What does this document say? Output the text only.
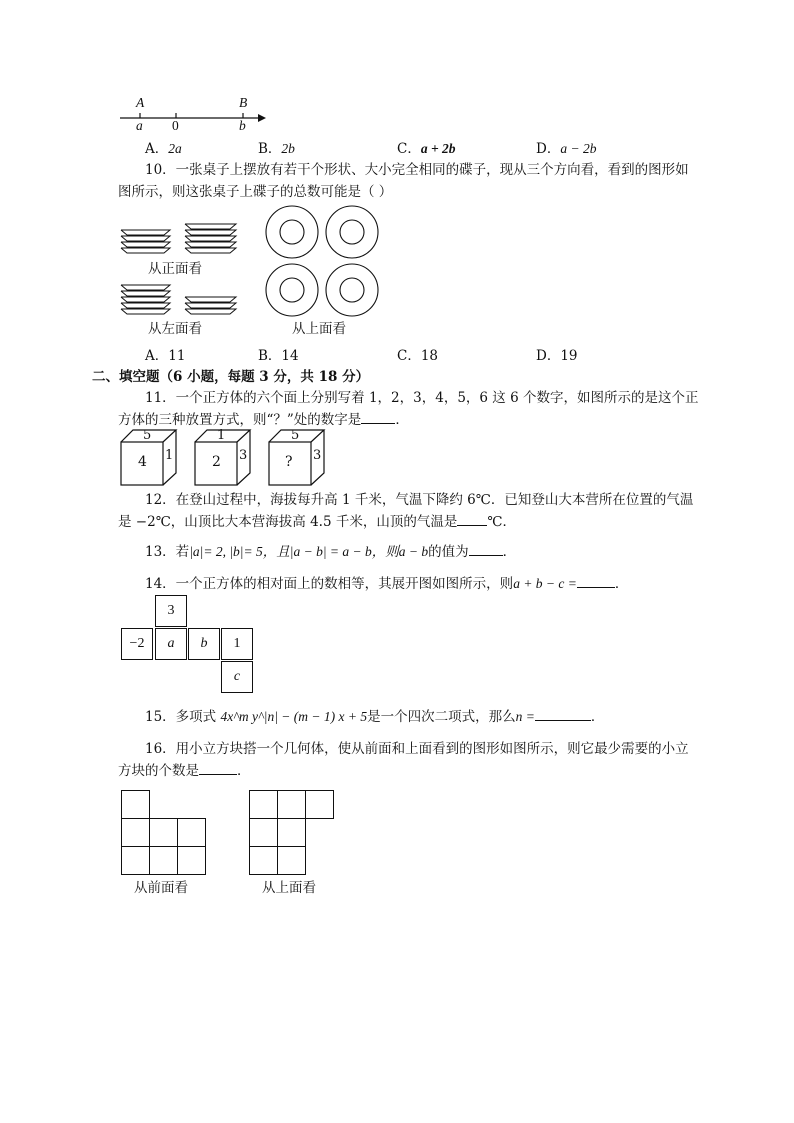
A	B
a 0	b
A．2a	B．2b	C．a + 2b	D．a − 2b
10．一张桌子上摆放有若干个形状、大小完全相同的碟子，现从三个方向看，看到的图形如
图所示，则这张桌子上碟子的总数可能是（ ）
从正面看
从左面看	从上面看
A．11	B．14	C．18	D．19
二、填空题（6 小题，每题 3 分，共 18 分）
11．一个正方体的六个面上分别写着 1，2，3，4，5，6 这 6 个数字，如图所示的是这个正
方体的三种放置方式，则“？”处的数字是	．
5
4 1
1
2 3
5
? 3
12．在登山过程中，海拔每升高 1 千米，气温下降约 6℃．已知登山大本营所在位置的气温
是 −2℃，山顶比大本营海拔高 4.5 千米，山顶的气温是 ℃．
13．若|a|= 2, |b|= 5，且|a − b| = a − b，则a − b的值为	．
14．一个正方体的相对面上的数相等，其展开图如图所示，则a + b − c =	．
3
−2	a	b	1
c
15．多项式 4x^m y^|n| − (m − 1) x + 5是一个四次二项式，那么n =	．
16．用小立方块搭一个几何体，使从前面和上面看到的图形如图所示，则它最少需要的小立
方块的个数是	．
从前面看	从上面看
